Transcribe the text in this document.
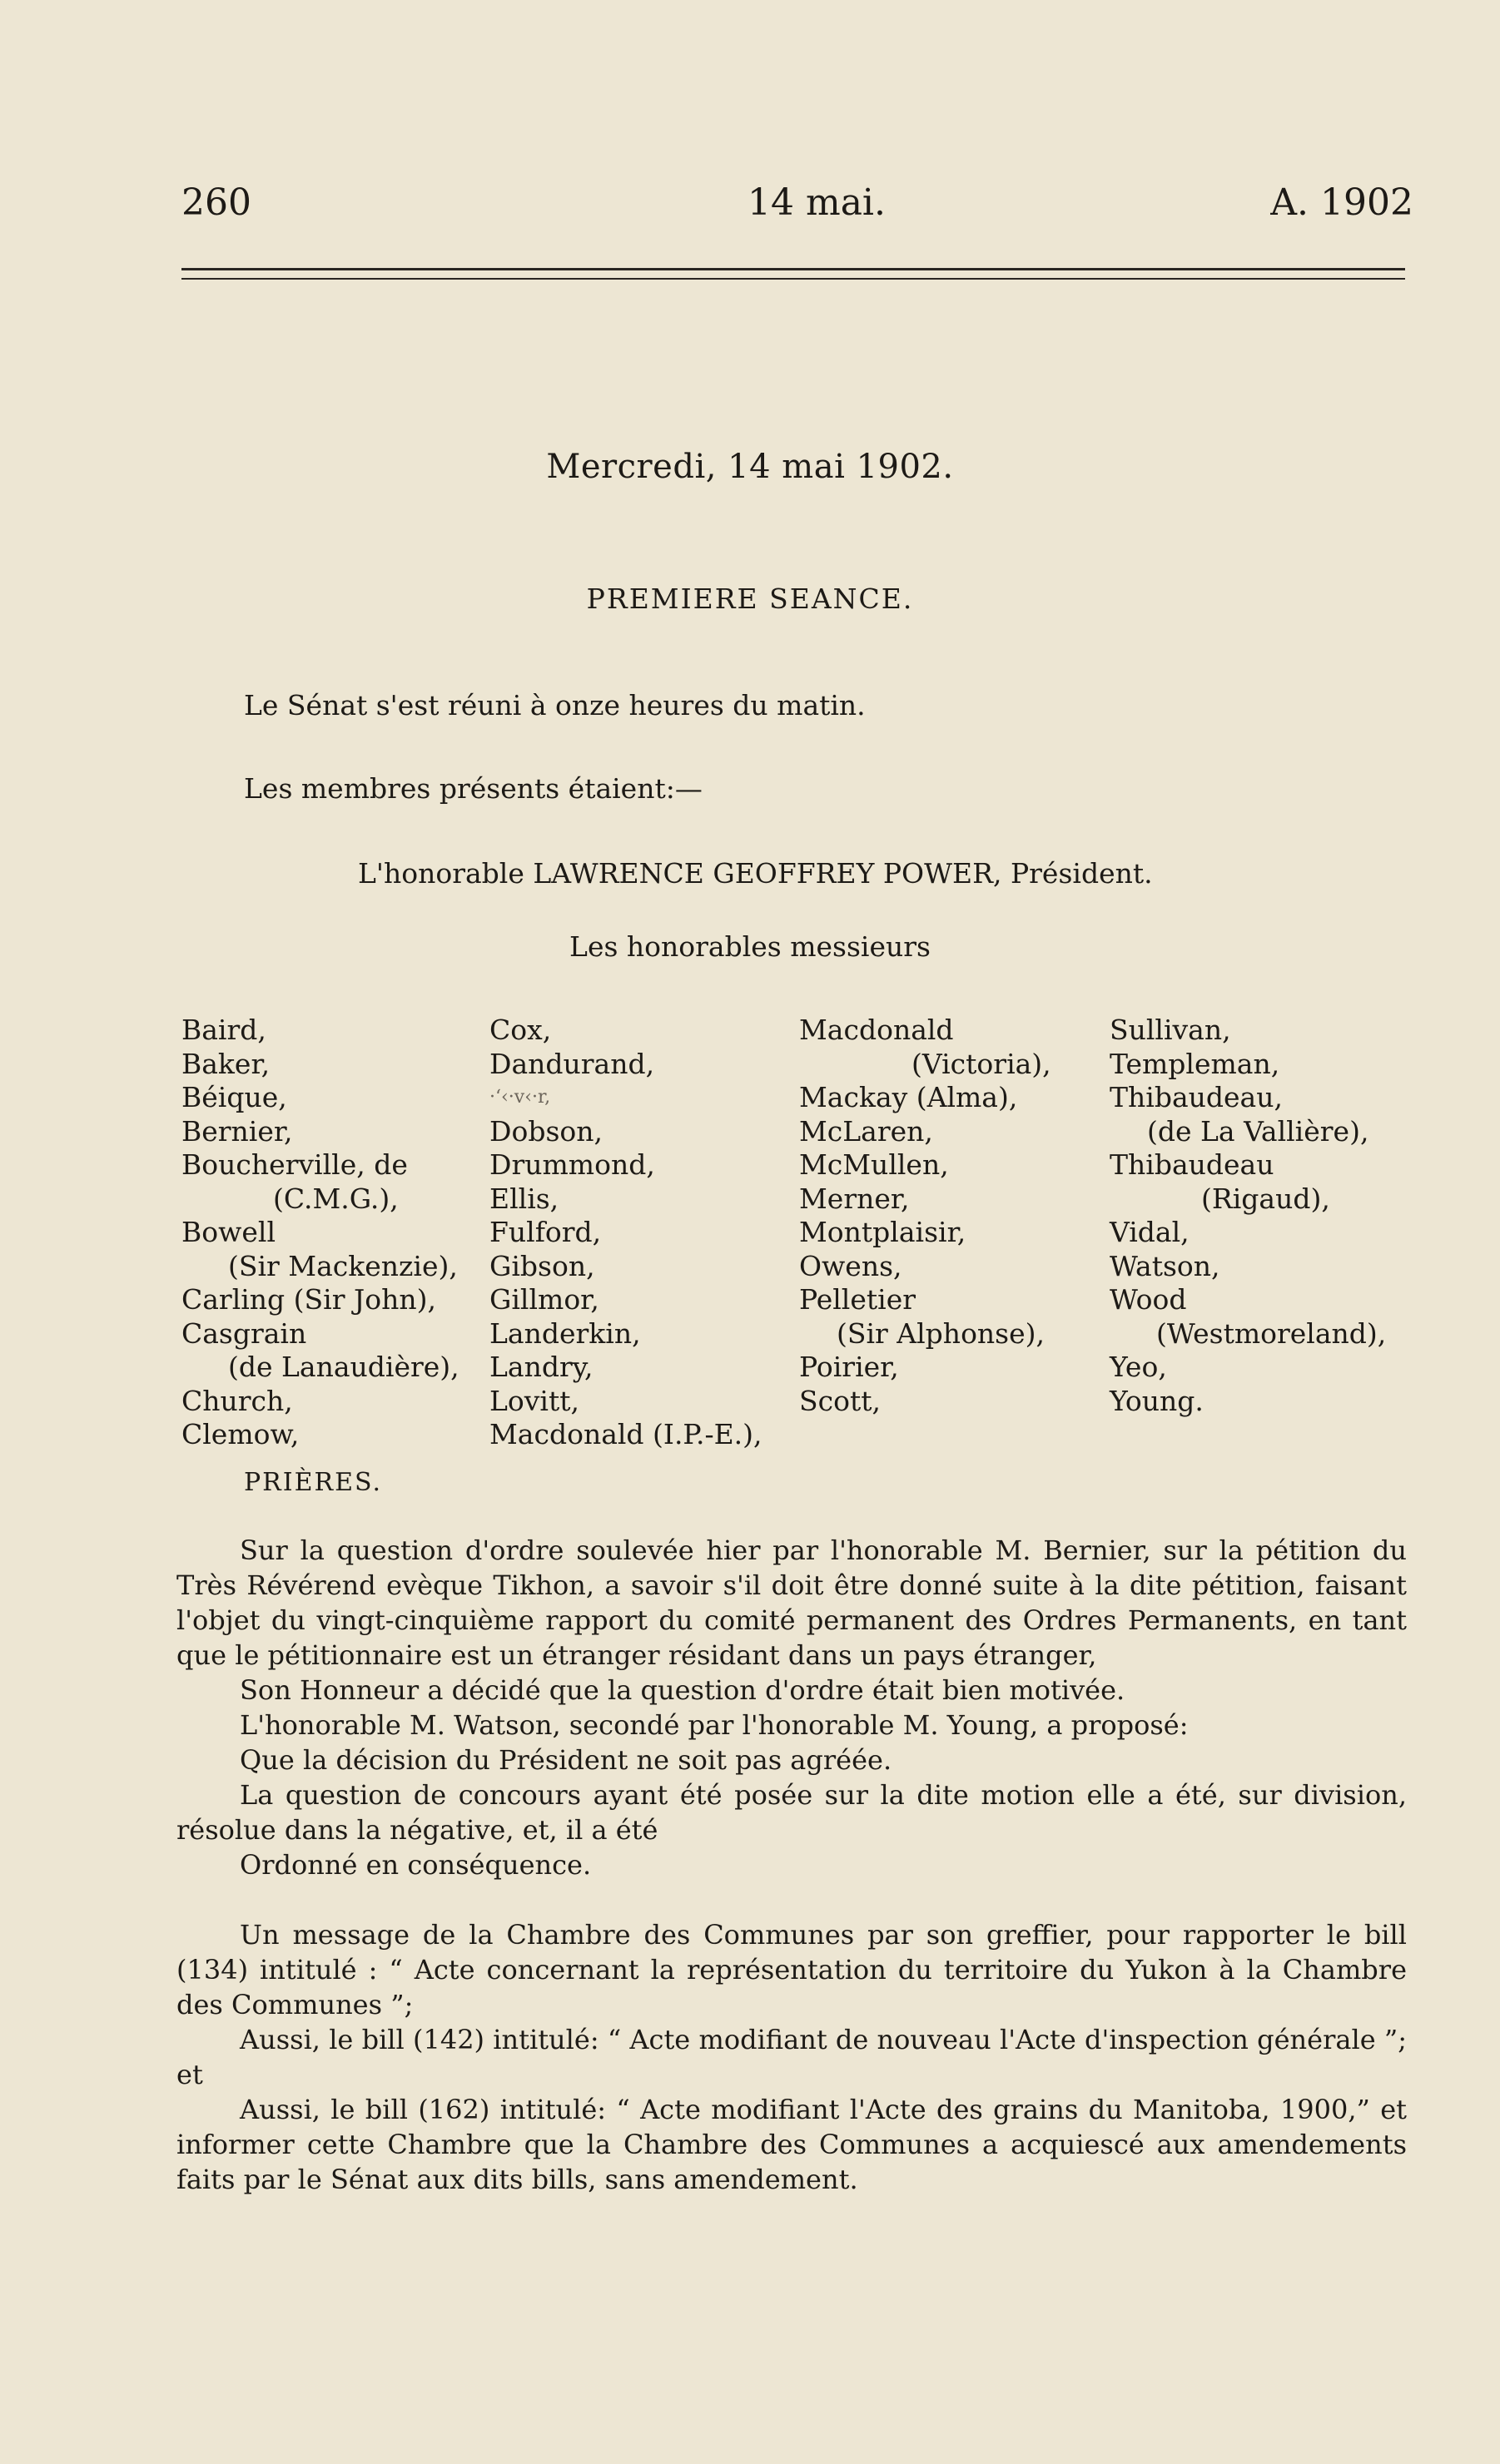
260	14 mai.	A. 1902
Mercredi, 14 mai 1902.
PREMIERE SEANCE.
Le Sénat s'est réuni à onze heures du matin.
Les membres présents étaient:—
L'honorable LAWRENCE GEOFFREY POWER, Président.
Les honorables messieurs
Baird,
Baker,
Béique,
Bernier,
Boucherville, de
(C.M.G.),
Bowell
(Sir Mackenzie),
Carling (Sir John),
Casgrain
(de Lanaudière),
Church,
Clemow,
Cox,
Dandurand,
·ʻ‹·v‹·r,
Dobson,
Drummond,
Ellis,
Fulford,
Gibson,
Gillmor,
Landerkin,
Landry,
Lovitt,
Macdonald (I.P.-E.),
Macdonald
(Victoria),
Mackay (Alma),
McLaren,
McMullen,
Merner,
Montplaisir,
Owens,
Pelletier
(Sir Alphonse),
Poirier,
Scott,
Sullivan,
Templeman,
Thibaudeau,
(de La Vallière),
Thibaudeau
(Rigaud),
Vidal,
Watson,
Wood
(Westmoreland),
Yeo,
Young.
PRIÈRES.

Sur la question d'ordre soulevée hier par l'honorable M. Bernier, sur la pétition du Très Révérend evèque Tikhon, a savoir s'il doit être donné suite à la dite pétition, faisant l'objet du vingt-cinquième rapport du comité permanent des Ordres Permanents, en tant que le pétitionnaire est un étranger résidant dans un pays étranger,

Son Honneur a décidé que la question d'ordre était bien motivée.

L'honorable M. Watson, secondé par l'honorable M. Young, a proposé:

Que la décision du Président ne soit pas agréée.

La question de concours ayant été posée sur la dite motion elle a été, sur division, résolue dans la négative, et, il a été

Ordonné en conséquence.

Un message de la Chambre des Communes par son greffier, pour rapporter le bill (134) intitulé : “ Acte concernant la représentation du territoire du Yukon à la Chambre des Communes ”;

Aussi, le bill (142) intitulé: “ Acte modifiant de nouveau l'Acte d'inspection générale ”; et

Aussi, le bill (162) intitulé: “ Acte modifiant l'Acte des grains du Manitoba, 1900,” et informer cette Chambre que la Chambre des Communes a acquiescé aux amendements faits par le Sénat aux dits bills, sans amendement.
